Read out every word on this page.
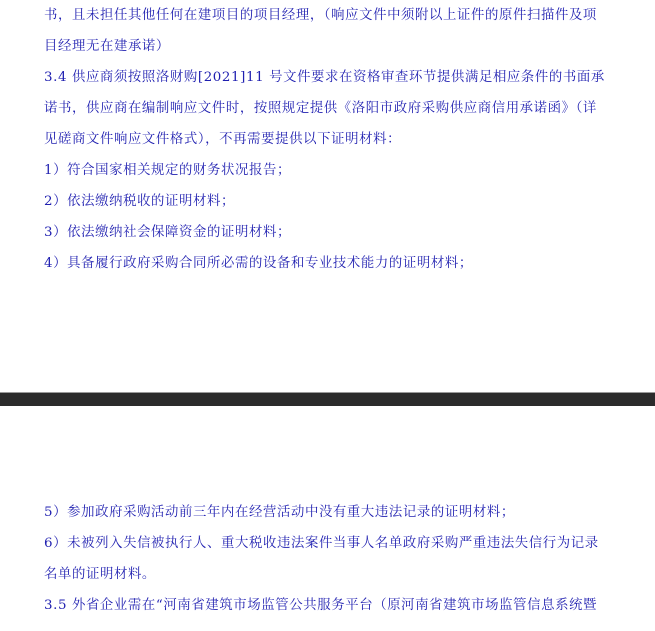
书，且未担任其他任何在建项目的项目经理，（响应文件中须附以上证件的原件扫描件及项
目经理无在建承诺）
3.4 供应商须按照洛财购[2021]11 号文件要求在资格审查环节提供满足相应条件的书面承
诺书，供应商在编制响应文件时，按照规定提供《洛阳市政府采购供应商信用承诺函》（详
见磋商文件响应文件格式），不再需要提供以下证明材料：
1）符合国家相关规定的财务状况报告；
2）依法缴纳税收的证明材料；
3）依法缴纳社会保障资金的证明材料；
4）具备履行政府采购合同所必需的设备和专业技术能力的证明材料；
5）参加政府采购活动前三年内在经营活动中没有重大违法记录的证明材料；
6）未被列入失信被执行人、重大税收违法案件当事人名单政府采购严重违法失信行为记录
名单的证明材料。
3.5 外省企业需在“河南省建筑市场监管公共服务平台（原河南省建筑市场监管信息系统暨
